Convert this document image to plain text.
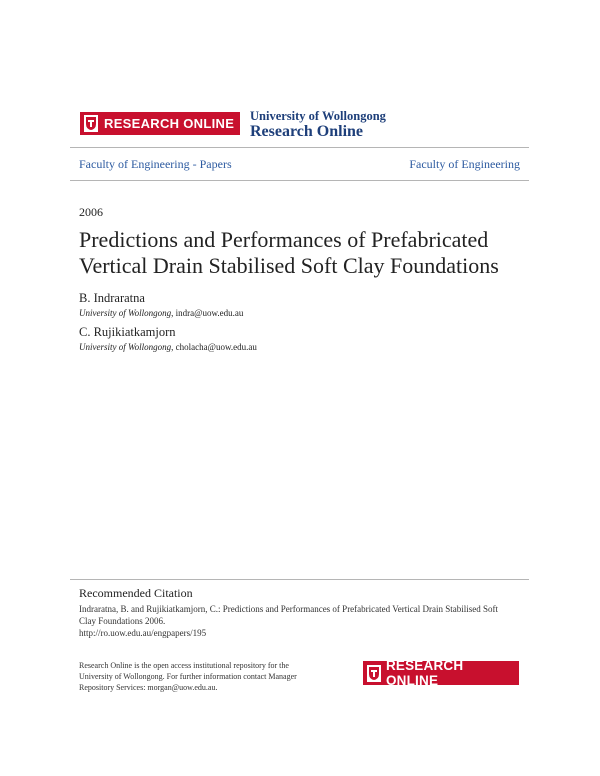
RESEARCH ONLINE University of Wollongong
Research Online
Faculty of Engineering - Papers	Faculty of Engineering
2006
Predictions and Performances of Prefabricated Vertical Drain Stabilised Soft Clay Foundations
B. Indraratna
University of Wollongong, indra@uow.edu.au
C. Rujikiatkamjorn
University of Wollongong, cholacha@uow.edu.au
Recommended Citation
Indraratna, B. and Rujikiatkamjorn, C.: Predictions and Performances of Prefabricated Vertical Drain Stabilised Soft Clay Foundations 2006.
http://ro.uow.edu.au/engpapers/195
Research Online is the open access institutional repository for the
University of Wollongong. For further information contact Manager
Repository Services: morgan@uow.edu.au.
RESEARCH ONLINE
